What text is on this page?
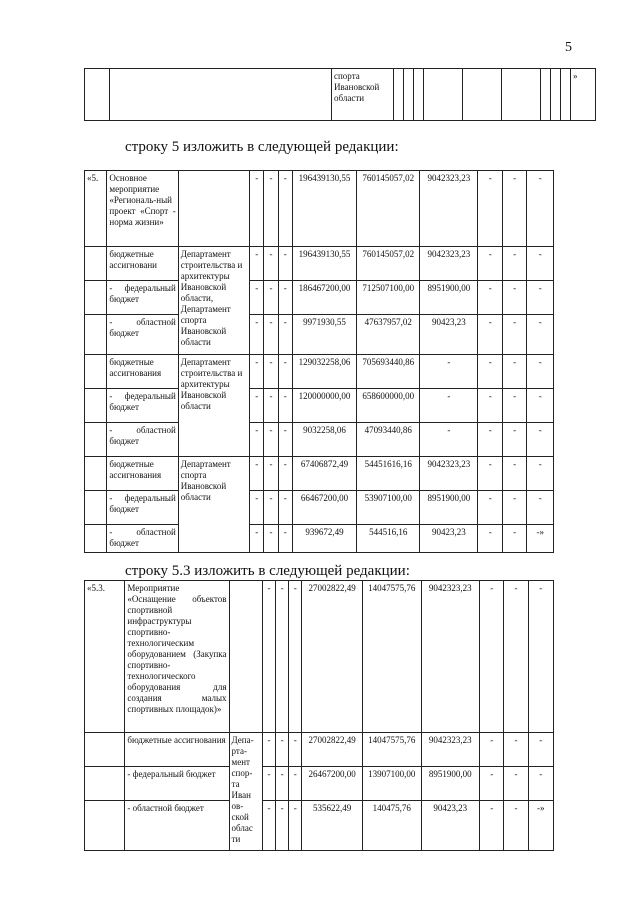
5
		спорта Ивановской области										»
строку 5 изложить в следующей редакции:
«5.	Основное мероприятие «Региональ-ный проект «Спорт - норма жизни»		-	-	-	196439130,55	760145057,02	9042323,23	-	-	-
	бюджетные ассигновани	Департамент строительства и архитектуры Ивановской области, Департамент спорта Ивановской области	-	-	-	196439130,55	760145057,02	9042323,23	-	-	-
	- федеральный бюджет		-	-	-	186467200,00	712507100,00	8951900,00	-	-	-
	- областной бюджет		-	-	-	9971930,55	47637957,02	90423,23	-	-	-
	бюджетные ассигнования	Департамент строительства и архитектуры Ивановской области	-	-	-	129032258,06	705693440,86	-	-	-	-
	- федеральный бюджет		-	-	-	120000000,00	658600000,00	-	-	-	-
	- областной бюджет		-	-	-	9032258,06	47093440,86	-	-	-	-
	бюджетные ассигнования	Департамент спорта Ивановской области	-	-	-	67406872,49	54451616,16	9042323,23	-	-	-
	- федеральный бюджет		-	-	-	66467200,00	53907100,00	8951900,00	-	-	-
	- областной бюджет		-	-	-	939672,49	544516,16	90423,23	-	-	-»
строку 5.3 изложить в следующей редакции:
«5.3.	Мероприятие «Оснащение объектов спортивной инфраструктуры спортивно-технологическим оборудованием (Закупка спортивно-технологического оборудования для создания малых спортивных площадок)»		-	-	-	27002822,49	14047575,76	9042323,23	-	-	-
	бюджетные ассигнования	Депа-рта-мент спор-та Иван ов-ской облас ти	-	-	-	27002822,49	14047575,76	9042323,23	-	-	-
	- федеральный бюджет		-	-	-	26467200,00	13907100,00	8951900,00	-	-	-
	- областной бюджет		-	-	-	535622,49	140475,76	90423,23	-	-	-»
